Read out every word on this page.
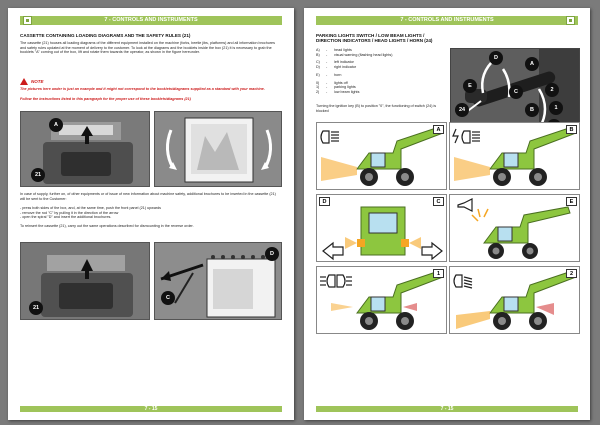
7 - CONTROLS AND INSTRUMENTS
CASSETTE CONTAINING LOADING DIAGRAMS AND THE SAFETY RULES (21)
The cassette (21) houses all loading diagrams of the different equipment installed on the machine (forks, beetle jibs, platforms) and all information brochures and safety rules updated at the moment of delivery to the customer. To look at the diagrams and the booklets inside the box (21) it is necessary to grab the booklets "A" coming out of the box, lift and rotate them towards the operator, as shown in the figure hereunder.
NOTE
The pictures here under is just an example and it might not correspond to the booklets/diagrams supplied as a standard with your machine.
Follow the instructions listed in this paragraph for the proper use of these booklets/diagrams (21)
A
21
In case of supply, further on, of other equipments or of issue of new information about machine safety, additional brochures to be inserted in the cassette (21) will be sent to the Customer:
- press both sides of the box, and, at the same time, push the front panel (21) upwards
- remove the rod "C" by pulling it in the direction of the arrow
- open the spiral "D" and insert the additional brochures.
To reinsert the cassette (21), carry out the same operations described for dismounting in the reverse order.
21
C
D
7 - 15
7 - CONTROLS AND INSTRUMENTS
PARKING LIGHTS SWITCH / LOW BEAM LIGHTS / DIRECTION INDICATORS / HEAD LIGHTS / HORN (24)
A)	-	head lights
B)	-	visual warning (flashing head lights)
C)	-	left indicator
D)	-	right indicator
E)	-	horn
0)	-	lights off
1)	-	parking lights
2)	-	low beam lights
Turning the ignition key (B) to position "0", the functioning of switch (24) is blocked
D
A
E
C
B
24
2
1
A	B
D	C	E
1	2
7 - 15
